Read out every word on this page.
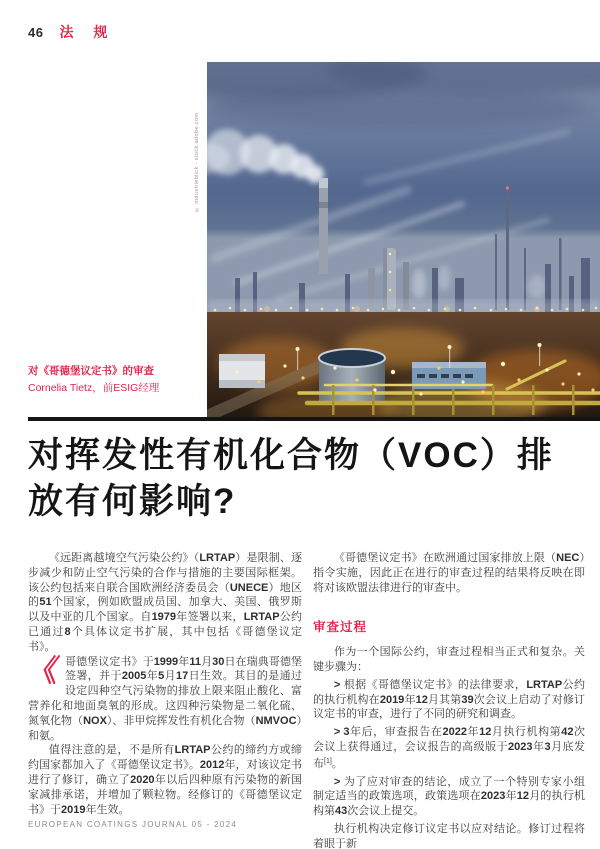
46 法 规
© industrieblick - stock.adobe.com
对《哥德堡议定书》的审查
Cornelia Tietz，前ESIG经理
对挥发性有机化合物（VOC）排
放有何影响?

《远距离越境空气污染公约》（LRTAP）是限制、逐步减少和防止空气污染的合作与措施的主要国际框架。该公约包括来自联合国欧洲经济委员会（UNECE）地区的51个国家，例如欧盟成员国、加拿大、美国、俄罗斯以及中亚的几个国家。自1979年签署以来，LRTAP公约已通过8个具体议定书扩展，其中包括《哥德堡议定书》。

《 哥德堡议定书》于1999年11月30日在瑞典哥德堡签署，并于2005年5月17日生效。其目的是通过设定四种空气污染物的排放上限来阻止酸化、富营养化和地面臭氧的形成。这四种污染物是二氧化硫、氮氧化物（NOX）、非甲烷挥发性有机化合物（NMVOC）和氨。

值得注意的是，不是所有LRTAP公约的缔约方或缔约国家都加入了《哥德堡议定书》。2012年，对该议定书进行了修订，确立了2020年以后四种原有污染物的新国家减排承诺，并增加了颗粒物。经修订的《哥德堡议定书》于2019年生效。

《哥德堡议定书》在欧洲通过国家排放上限（NEC）指令实施，因此正在进行的审查过程的结果将反映在即将对该欧盟法律进行的审查中。

审查过程

作为一个国际公约，审查过程相当正式和复杂。关键步骤为：

> 根据《哥德堡议定书》的法律要求，LRTAP公约的执行机构在2019年12月其第39次会议上启动了对修订议定书的审查，进行了不同的研究和调查。

> 3年后，审查报告在2022年12月执行机构第42次会议上获得通过，会议报告的高级版于2023年3月底发布[1]。

> 为了应对审查的结论，成立了一个特别专家小组制定适当的政策选项，政策选项在2023年12月的执行机构第43次会议上提交。

执行机构决定修订议定书以应对结论。修订过程将着眼于新

EUROPEAN COATINGS JOURNAL 05 - 2024
